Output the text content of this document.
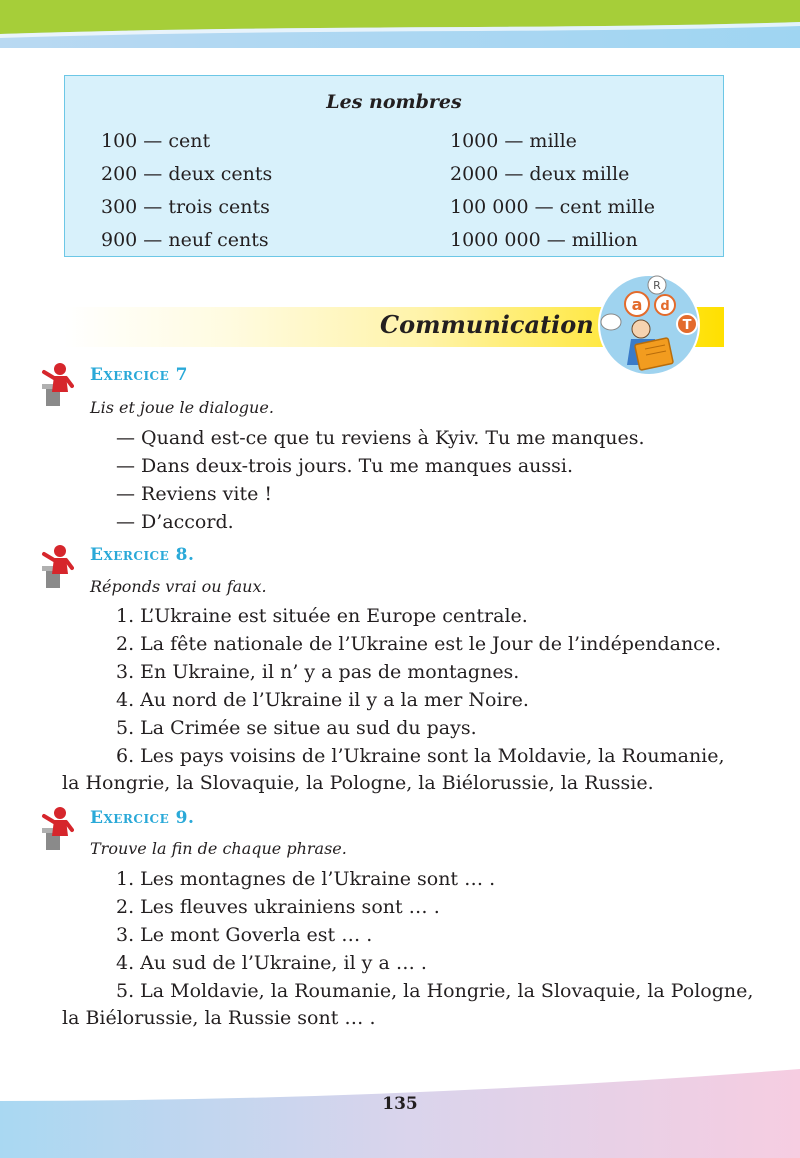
Les nombres
100 — cent
200 — deux cents
300 — trois cents
900 — neuf cents
1000 — mille
2000 — deux mille
100 000 — cent mille
1000 000 — million
Communication
R
a d
T
Exercice 7
Lis et joue le dialogue.
— Quand est-ce que tu reviens à Kyiv. Tu me manques.
— Dans deux-trois jours. Tu me manques aussi.
— Reviens vite !
— D’accord.
Exercice 8.
Réponds vrai ou faux.
1. L’Ukraine est située en Europe centrale.
2. La fête nationale de l’Ukraine est le Jour de l’indépendance.
3. En Ukraine, il n’ y a pas de montagnes.
4. Au nord de l’Ukraine il y a la mer Noire.
5. La Crimée se situe au sud du pays.
6. Les pays voisins de l’Ukraine sont la Moldavie, la Roumanie,
la Hongrie, la Slovaquie, la Pologne, la Biélorussie, la Russie.
Exercice 9.
Trouve la fin de chaque phrase.
1. Les montagnes de l’Ukraine sont … .
2. Les fleuves ukrainiens sont … .
3. Le mont Goverla est … .
4. Au sud de l’Ukraine, il y a … .
5. La Moldavie, la Roumanie, la Hongrie, la Slovaquie, la Pologne,
la Biélorussie, la Russie sont … .
135
